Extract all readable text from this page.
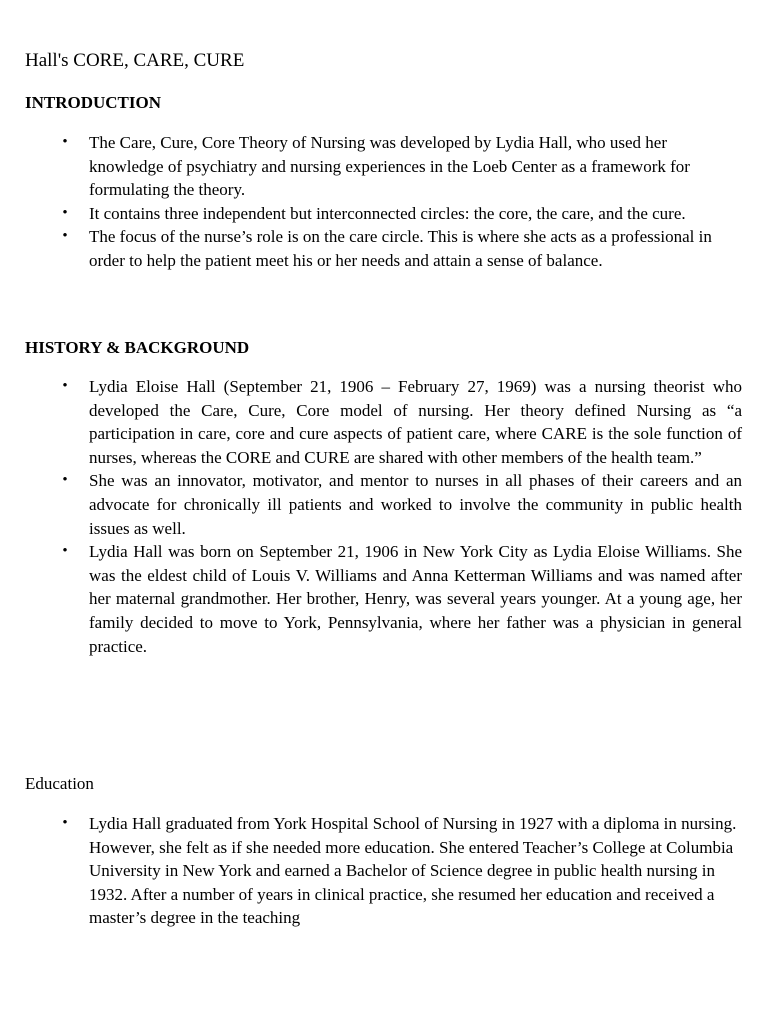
Hall's CORE, CARE, CURE
INTRODUCTION
• The Care, Cure, Core Theory of Nursing was developed by Lydia Hall, who used her knowledge of psychiatry and nursing experiences in the Loeb Center as a framework for formulating the theory.
• It contains three independent but interconnected circles: the core, the care, and the cure.
• The focus of the nurse’s role is on the care circle. This is where she acts as a professional in order to help the patient meet his or her needs and attain a sense of balance.
HISTORY & BACKGROUND
• Lydia Eloise Hall (September 21, 1906 – February 27, 1969) was a nursing theorist who developed the Care, Cure, Core model of nursing. Her theory defined Nursing as “a participation in care, core and cure aspects of patient care, where CARE is the sole function of nurses, whereas the CORE and CURE are shared with other members of the health team.”
• She was an innovator, motivator, and mentor to nurses in all phases of their careers and an advocate for chronically ill patients and worked to involve the community in public health issues as well.
• Lydia Hall was born on September 21, 1906 in New York City as Lydia Eloise Williams. She was the eldest child of Louis V. Williams and Anna Ketterman Williams and was named after her maternal grandmother. Her brother, Henry, was several years younger. At a young age, her family decided to move to York, Pennsylvania, where her father was a physician in general practice.
Education
• Lydia Hall graduated from York Hospital School of Nursing in 1927 with a diploma in nursing. However, she felt as if she needed more education. She entered Teacher’s College at Columbia University in New York and earned a Bachelor of Science degree in public health nursing in 1932. After a number of years in clinical practice, she resumed her education and received a master’s degree in the teaching
